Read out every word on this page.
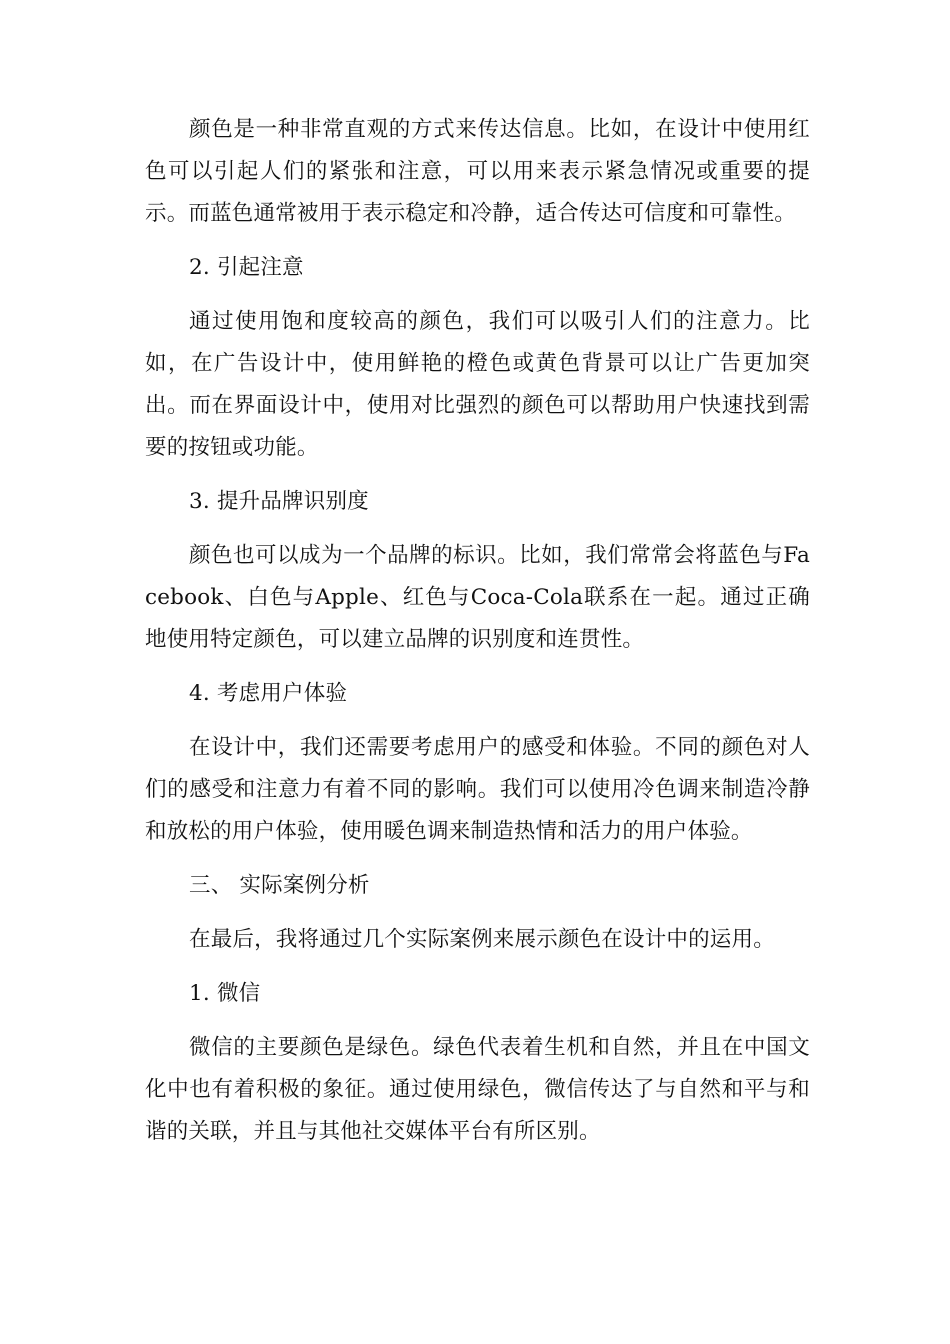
颜色是一种非常直观的方式来传达信息。比如，在设计中使用红色可以引起人们的紧张和注意，可以用来表示紧急情况或重要的提示。而蓝色通常被用于表示稳定和冷静，适合传达可信度和可靠性。

2. 引起注意

通过使用饱和度较高的颜色，我们可以吸引人们的注意力。比如，在广告设计中，使用鲜艳的橙色或黄色背景可以让广告更加突出。而在界面设计中，使用对比强烈的颜色可以帮助用户快速找到需要的按钮或功能。

3. 提升品牌识别度

颜色也可以成为一个品牌的标识。比如，我们常常会将蓝色与Facebook、白色与Apple、红色与Coca-Cola联系在一起。通过正确地使用特定颜色，可以建立品牌的识别度和连贯性。

4. 考虑用户体验

在设计中，我们还需要考虑用户的感受和体验。不同的颜色对人们的感受和注意力有着不同的影响。我们可以使用冷色调来制造冷静和放松的用户体验，使用暖色调来制造热情和活力的用户体验。

三、 实际案例分析

在最后，我将通过几个实际案例来展示颜色在设计中的运用。

1. 微信

微信的主要颜色是绿色。绿色代表着生机和自然，并且在中国文化中也有着积极的象征。通过使用绿色，微信传达了与自然和平与和谐的关联，并且与其他社交媒体平台有所区别。
